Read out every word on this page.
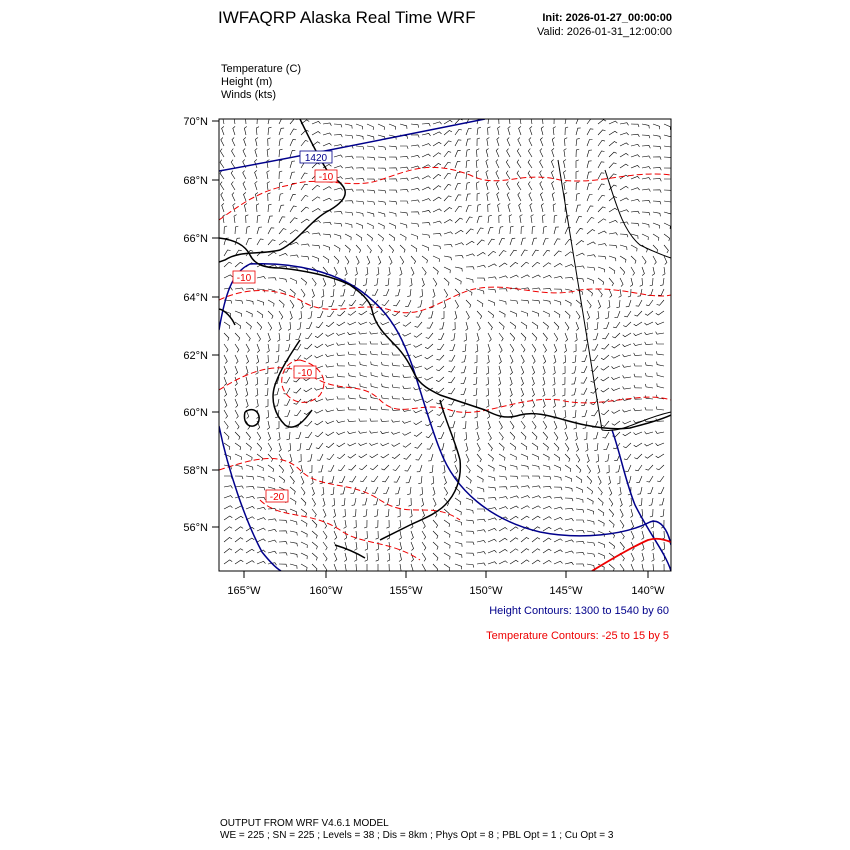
IWFAQRP Alaska Real Time WRF	Init: 2026-01-27_00:00:00
Valid: 2026-01-31_12:00:00
Temperature (C)
Height (m)
Winds (kts)
1420
-10
-10
-10
-20
70°N
68°N
66°N
64°N
62°N
60°N
58°N
56°N
165°W	160°W	155°W	150°W	145°W	140°W
Height Contours: 1300 to 1540 by 60
Temperature Contours: -25 to 15 by 5
OUTPUT FROM WRF V4.6.1 MODEL
WE = 225 ; SN = 225 ; Levels = 38 ; Dis = 8km ; Phys Opt = 8 ; PBL Opt = 1 ; Cu Opt = 3
